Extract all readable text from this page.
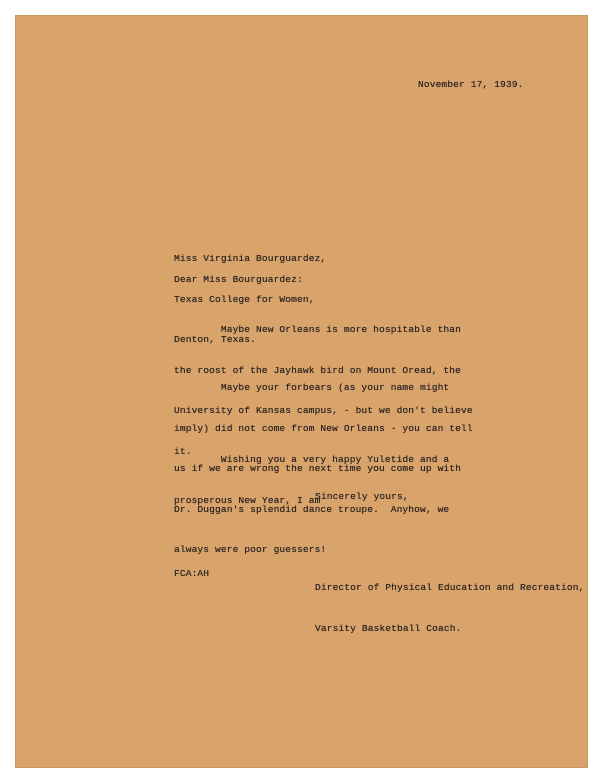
November 17, 1939.

Miss Virginia Bourguardez,

Texas College for Women,

Denton, Texas.

Dear Miss Bourguardez:

Maybe New Orleans is more hospitable than

the roost of the Jayhawk bird on Mount Oread, the

University of Kansas campus, - but we don't believe

it.

Maybe your forbears (as your name might

imply) did not come from New Orleans - you can tell

us if we are wrong the next time you come up with

Dr. Duggan's splendid dance troupe.  Anyhow, we

always were poor guessers!

Wishing you a very happy Yuletide and a

prosperous New Year, I am

Sincerely yours,

Director of Physical Education and Recreation,

Varsity Basketball Coach.

FCA:AH
